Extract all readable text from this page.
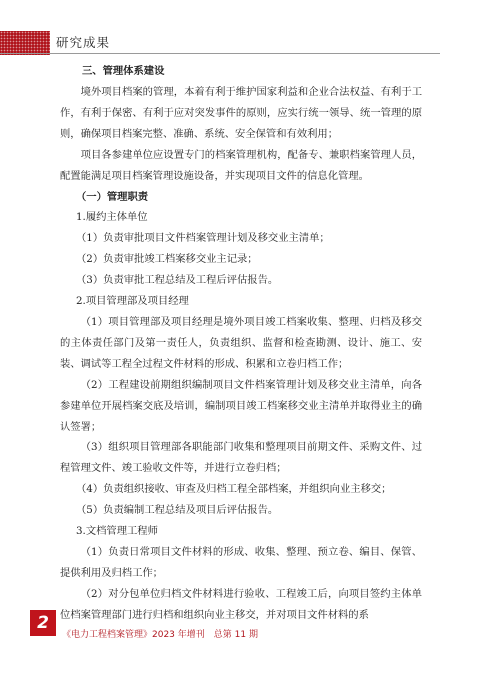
研究成果
三、管理体系建设

境外项目档案的管理，本着有利于维护国家利益和企业合法权益、有利于工作，有利于保密、有利于应对突发事件的原则，应实行统一领导、统一管理的原则，确保项目档案完整、准确、系统、安全保管和有效利用；

项目各参建单位应设置专门的档案管理机构，配备专、兼职档案管理人员，配置能满足项目档案管理设施设备，并实现项目文件的信息化管理。

（一）管理职责

1.履约主体单位

（1）负责审批项目文件档案管理计划及移交业主清单；

（2）负责审批竣工档案移交业主记录；

（3）负责审批工程总结及工程后评估报告。

2.项目管理部及项目经理

（1）项目管理部及项目经理是境外项目竣工档案收集、整理、归档及移交的主体责任部门及第一责任人，负责组织、监督和检查勘测、设计、施工、安装、调试等工程全过程文件材料的形成、积累和立卷归档工作；

（2）工程建设前期组织编制项目文件档案管理计划及移交业主清单，向各参建单位开展档案交底及培训，编制项目竣工档案移交业主清单并取得业主的确认签署；

（3）组织项目管理部各职能部门收集和整理项目前期文件、采购文件、过程管理文件、竣工验收文件等，并进行立卷归档；

（4）负责组织接收、审查及归档工程全部档案，并组织向业主移交；

（5）负责编制工程总结及项目后评估报告。

3.文档管理工程师

（1）负责日常项目文件材料的形成、收集、整理、预立卷、编目、保管、提供利用及归档工作；

（2）对分包单位归档文件材料进行验收、工程竣工后，向项目签约主体单位档案管理部门进行归档和组织向业主移交，并对项目文件材料的系

2
《电力工程档案管理》2023 年增刊　总第 11 期
